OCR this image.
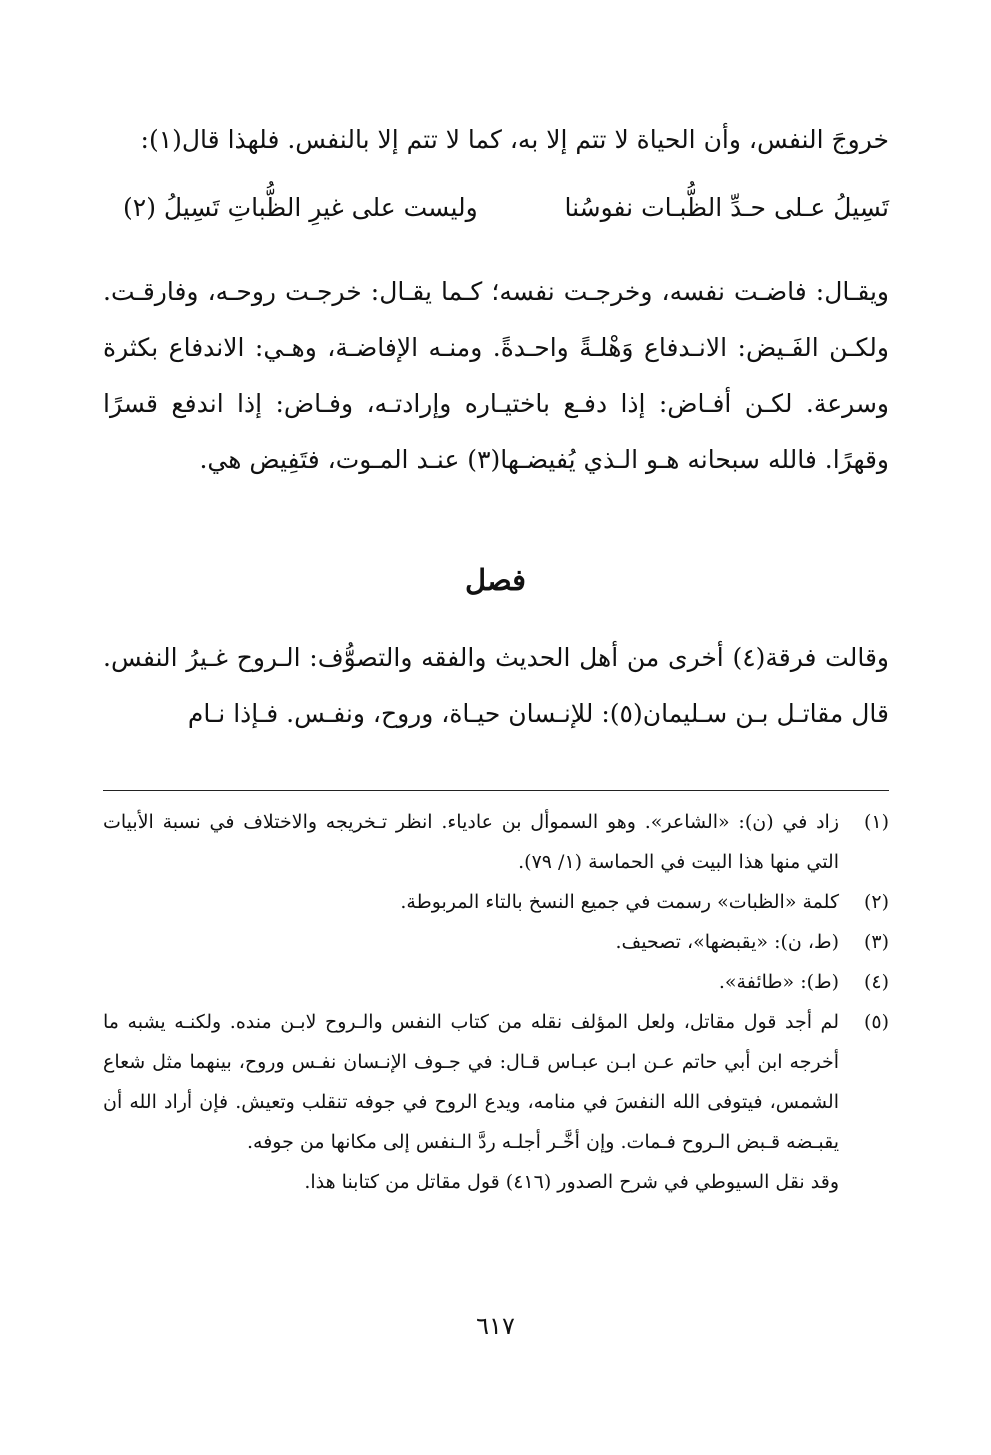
خروجَ النفس، وأن الحياة لا تتم إلا به، كما لا تتم إلا بالنفس. فلهذا قال(١):

تَسِيلُ عـلى حـدِّ الظُّبـات نفوسُنا
وليست على غيرِ الظُّباتِ تَسِيلُ (٢)

ويقـال: فاضـت نفسه، وخرجـت نفسه؛ كـما يقـال: خرجـت روحـه، وفارقـت. ولكـن الفَـيض: الانـدفاع وَهْلـةً واحـدةً. ومنـه الإفاضـة، وهـي: الاندفاع بكثرة وسرعة. لكـن أفـاض: إذا دفـع باختيـاره وإرادتـه، وفـاض: إذا اندفع قسرًا وقهرًا. فالله سبحانه هـو الـذي يُفيضـها(٣) عنـد المـوت، فتَفِيض هي.

فصل

وقالت فرقة(٤) أخرى من أهل الحديث والفقه والتصوُّف: الـروح غـيرُ النفس. قال مقاتـل بـن سـليمان(٥): للإنـسان حيـاة، وروح، ونفـس. فـإذا نـام

(١)
زاد في (ن): «الشاعر». وهو السموأل بن عادياء. انظر تـخريجه والاختلاف في نسبة الأبيات التي منها هذا البيت في الحماسة (١/ ٧٩).
(٢)
كلمة «الظبات» رسمت في جميع النسخ بالتاء المربوطة.
(٣)
(ط، ن): «يقبضها»، تصحيف.
(٤)
(ط): «طائفة».
(٥)
لم أجد قول مقاتل، ولعل المؤلف نقله من كتاب النفس والـروح لابـن منده. ولكنـه يشبه ما أخرجه ابن أبي حاتم عـن ابـن عبـاس قـال: في جـوف الإنـسان نفـس وروح، بينهما مثل شعاع الشمس، فيتوفى الله النفسَ في منامه، ويدع الروح في جوفه تنقلب وتعيش. فإن أراد الله أن يقبـضه قـبض الـروح فـمات. وإن أخَّـر أجلـه ردَّ الـنفس إلى مكانها من جوفه.
وقد نقل السيوطي في شرح الصدور (٤١٦) قول مقاتل من كتابنا هذا.
٦١٧
